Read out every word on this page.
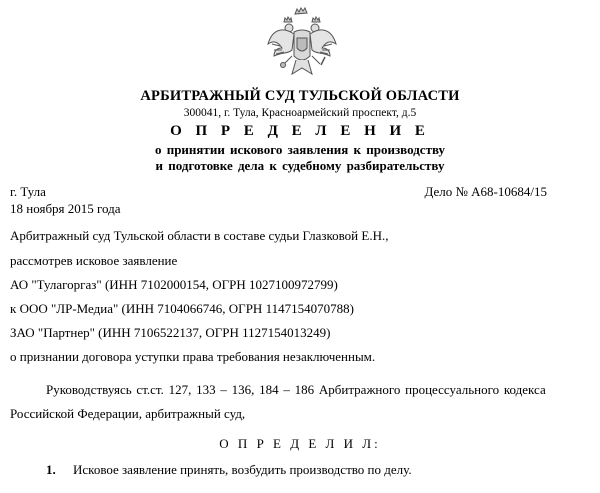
АРБИТРАЖНЫЙ СУД ТУЛЬСКОЙ ОБЛАСТИ
300041, г. Тула, Красноармейский проспект, д.5
О П Р Е Д Е Л Е Н И Е
о принятии искового заявления к производству
и подготовке дела к судебному разбирательству
г. Тула	Дело № А68-10684/15
18 ноября 2015 года
Арбитражный суд Тульской области в составе судьи Глазковой Е.Н.,
рассмотрев исковое заявление
АО "Тулагоргаз" (ИНН 7102000154, ОГРН 1027100972799)
к ООО "ЛР-Медиа" (ИНН 7104066746, ОГРН 1147154070788)
ЗАО "Партнер" (ИНН 7106522137, ОГРН 1127154013249)
о признании договора уступки права требования незаключенным.
Руководствуясь ст.ст. 127, 133 – 136, 184 – 186 Арбитражного процессуального кодекса
Российской Федерации, арбитражный суд,
О П Р Е Д Е Л И Л:
1. Исковое заявление принять, возбудить производство по делу.
